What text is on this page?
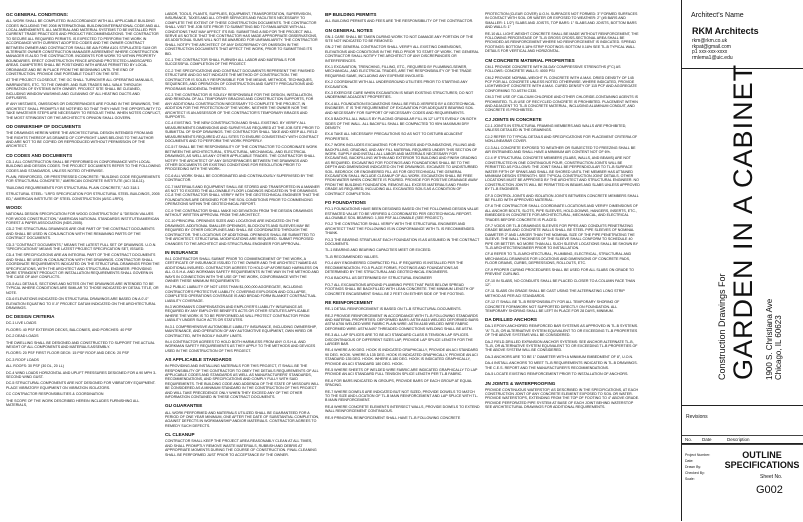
GC GENERAL CONDITIONS:
ALL WORK SHALL BE COMPLETED IN ACCORDANCE WITH ALL APPLICABLE BUILDING CODES INCLUDING THE 2008 INTERNATIONAL BUILDING/INTERNATIONAL CODE AND ALL LOCAL AMENDMENTS. ALL MATERIAL AND MATERIAL SYSTEMS TO BE INSTALLED PER CURRENT TRADE PRACTICES AND PRODUCT RECOMMENDATIONS. THE CONTRACTOR TO SECURE ALL REQUIRED PERMITS. IS EXPECTED TO PERFORM THE WORK IN ACCORDANCE WITH CURRENT ADOPTED CODES AND THE OWNER CONTRACT BETWEEN OWNER AND CONTRACTOR SHALL BE AIA FORM A101 STIPULATED SUM OR ALTERNATE OWNER CONSTRUCTION MANAGER AGREEMENT WHERE CONSTRUCTION MANAGER IS ALSO THE CONTRACTOR. INCIDENTS FOR WORK TO WITHIN PROPERTY BOUNDARIES. ERECT CONSTRUCTION FENCE AROUND PROTECTED LANDSCAPED AREAS. DUMPSTERS SHALL BE POSITIONED WITH AREAS PERMITTED BY LOCAL ORDINANCE AND BE IN PLACE FROM THE BEGINNING UNTIL THE END OF CONSTRUCTION. PROVIDE ONE PORTABLE TOILET ON THE SITE.
AT THE PROJECT CLOSEOUT, THE GC SHALL TURNOVER ALL OPERATING MANUALS, WARRANTIES, ETC. TO THE OWNER. AND SUB TRADES WILL WALK THROUGH OPERATION OF SYSTEMS WITH OWNER. PROJECT SITE SHALL BE CLEANED, INCLUDING WINDOW WASHING AND CLEANING OF ALL HEATING DUCTS AND DIFFUSERS.
IF ANY MISTAKES, OMISSIONS OR DISCREPANCIES ARE FOUND IN THE DRAWINGS, THE ARCHITECT SHALL PROMPTLY BE NOTIFIED SO THAT THEY HAVE THE OPPORTUNITY TO TAKE WHATEVER STEPS ARE NECESSARY TO RESOLVE THEM. WHEN NOTES CONFLICT, THE MOST STRINGENT OR THE ARCHITECT'S OPINION SHALL GOVERN.
OD OWNERSHIP OF DOCUMENTS
THE DRAWINGS HEREIN WERE THE ARCHITECTURAL DESIGN INTENDED FROM AND THE RIGHTS THEREOF AS DRAWED OF COPYRIGHT LAWS BELONG TO THE AUTHOR AND ARE NOT TO BE COPIED OR REPRODUCED WITHOUT PERMISSION OF THE ARCHITECT.
CD CODES AND DOCUMENTS
CD-1 ALL CONSTRUCTION SHALL BE PERFORMED IN CONFORMANCE WITH LOCAL BUILDING AND DESIGN CODES. THE PROJECT DOCUMENTS REFER TO THE FOLLOWING CODES AND STANDARDS, UNLESS NOTED OTHERWISE.
PLAIN, REINFORCED, OR PRESTRESSED CONCRETE: "BUILDING CODE REQUIREMENTS FOR STRUCTURAL CONCRETE," AMERICAN CONCRETE INSTITUTE (ACI 318-11).
"BUILDING REQUIREMENTS FOR STRUCTURAL PLAIN CONCRETE," ACI 318.1
STRUCTURAL STEEL: "LRFD SPECIFICATION FOR STRUCTURAL STEEL BUILDINGS, 2005 ED," AMERICAN INSTITUTE OF STEEL CONSTRUCTION (AISC-LRFD).
WOOD:
NATIONAL DESIGN SPECIFICATION FOR WOOD CONSTRUCTION" & "DESIGN VALUES FOR WOOD CONSTRUCTION," AMERICAN NATIONAL STANDARDS INSTITUTE/AMERICAN FOREST & PAPER ASSOCIATION (NDS-2005).
CD-2 THE STRUCTURAL DRAWINGS ARE ONE PART OF THE CONTRACT DOCUMENTS AND SHALL BE USED IN CONJUNCTION WITH THE REMAINING PARTS OF THE CONTRACT DOCUMENTS.
CD-3 "CONTRACT DOCUMENTS," MEANS THE LATEST FULL SET OF DRAWINGS. U.O.N. "SPECIFICATIONS" MEANS THE LATEST PROJECT SPECIFICATION SET, ISSUED.
CD-4 THE SPECIFICATIONS ARE AN INTEGRAL PART OF THE CONTRACT DOCUMENTS AND SHALL BE USED IN CONJUNCTION WITH THE DRAWINGS. CONTRACTOR SHALL COORDINATE REQUIREMENTS INDICATED ON THE STRUCTURAL DRAWINGS FROM THE SPECIFICATIONS, WITH THE ARCHITECT AND STRUCTURAL ENGINEER. PROVIDING MORE STRINGENT PRODUCT OR INSTALLATION REQUIREMENTS SHALL GOVERN IN THE CASE OF ANY CONFLICTS.
CD-5 ALL DETAILS, SECTIONS AND NOTES ON THE DRAWINGS ARE INTENDED TO BE TYPICAL WHERE CONDITIONS ARE SIMILAR TO THOSE INDICATED BY DETAIL TITLE, OR NOTE.
CD-6 ELEVATIONS INDICATED ON STRUCTURAL DRAWINGS ARE BASED ON A 0'-0" ELEVATION EQUATING TO 0'-0" PROJECT DATUM INDICATED ON THE ARCHITECTURAL DRAWINGS.
DC DESIGN CRITERIA
DC-1 LIVE LOADS
FLOORS: 40 PSF EXTERIOR DECKS, BALCONIES, AND PORCHES: 40 PSF
DC-2 DEAD LOADS
THE DWELLING SHALL BE DESIGNED AND CONSTRUCTED TO SUPPORT THE ACTUAL WEIGHT OF ALL COMPONENTS AND MATERIALS ASSEMBLY.
FLOORS: 20 PSF FIRST FLOOR DECK: 15 PSF ROOF AND DECK: 20 PSF
DC-3 ROOF LOADS
ALL ROOFS: 30 PSF (30 DL, 20 LL)
DC-4 WIND LOADS HORIZONTAL AND UPLIFT PRESSURES DESIGNED FOR A 90 MPH 3-SECOND WIND GUST.
DC-5 STRUCTURAL COMPONENTS ARE NOT DESIGNED FOR VIBRATORY EQUIPMENT. PLACE VIBRATORY EQUIPMENT ON VIBRATION ISOLATORS.
CC CONTRACTOR RESPONSIBILITIES & COORDINATION
THE SCOPE OF THE WORK DESCRIBED HEREIN INCLUDES FURNISHING ALL MATERIALS,
LABOR, TOOLS, PLANTS, SUPPLIES, EQUIPMENT, TRANSPORTATION, SUPERVISION, INSURANCE, TAXES AND ALL OTHER SERVICES AND FACILITIES NECESSARY TO COMPLETE THE EXTENT OF THESE CONSTRUCTION DOCUMENTS. THE CONTRACTOR SHALL VISIT THE JOB SITE PRIOR TO SUBMITTING BID TO FAMILIARIZE WITH ALL CONDITIONS THAT MAY AFFECT ITS BID. SUBMITTING A BID FOR THE PROJECT WILL SERVE AS NOTICE THAT THE CONTRACTOR HAS MADE APPROPRIATE OBSERVATIONS, AS ADDITIONAL SUMS WILL NOT BE AWARDED FOR UNFAMILIARITY. THE CONTRACTOR SHALL NOTIFY THE ARCHITECT OF ANY DISCREPANCY OR OMISSION IN THE CONSTRUCTION DOCUMENTS THAT AFFECT THE WORK, PRIOR TO SUBMITTING ITS BID.
CC-1 THE CONTRACTOR SHALL FURNISH ALL LABOR AND MATERIALS FOR SUCCESSFUL COMPLETION OF THE PROJECT.
CC-2 THE SPECIFICATIONS AND CONTRACT DOCUMENTS REPRESENT THE FINISHED STRUCTURE AND DO NOT INDICATE THE METHOD OF CONSTRUCTION. THE CONTRACTOR IS SOLELY RESPONSIBLE FOR THE MEANS, METHODS, TECHNIQUES, SEQUENCES, AND OPERATION OF CONSTRUCTION AND SAFETY PRECAUTIONS AND PROGRAMS INCIDENTAL THERETO.
CC-3 THE CONTRACTOR IS SOLELY RESPONSIBLE FOR THE DESIGN, INSTALLATION, AND REMOVAL OF ALL TEMPORARY BRACING AND CONSTRUCTION SUPPORTS, FOR ANY ADDITIONAL CONSTRUCTION NECESSARY TO COMPLETE THE PROJECT, IN ADDITION FOR THE PROTECTION OF THE WORK. NEITHER THE OWNER NOR THE ARCHITECT IS AN ASSESSOR OF THE CONTRACTOR'S TEMPORARY BRACES AND SUPPORTS.
CC-4 EXISTING. THE NEW CONSTRUCTION AND SHALL EXISTING. BY VERIFY ALL MEASUREMENTS DIMENSIONS AND SURVEYS AS REQUIRED AT THE JOB SITE PRIOR TO SUBMITTAL OF SHOP DRAWINGS. THE CONTRACTOR SHALL TAKE AND KEEP ALL FIELD MEASUREMENTS REQUIRED AT ALL SITES TO ENSURE CONSISTENCY WITH CONTRACT DOCUMENTS AND TO PERFORM THE WORK PROPERLY.
CC-5 IT SHALL BE THE RESPONSIBILITY OF THE CONTRACTOR TO COORDINATE WORK BETWEEN THE ARCHITECTURAL, STRUCTURAL, MECHANICAL, AND ELECTRICAL DRAWINGS, AS WELL AS ANY OTHER APPLICABLE TRADES. THE CONTRACTOR SHALL NOTIFY THE ARCHITECT OF ANY DISCREPANCIES BETWEEN THE DRAWINGS AND OTHER DOCUMENTS OR EXISTING CONDITIONS FOR RESOLUTION PRIOR TO PROCEEDING WITH THE WORK.
CC-6 ALL WORK SHALL BE COORDINATED AND CONTINUOUSLY SUPERVISED BY THE CONTRACTOR.
CC-7 MATERIALS AND EQUIPMENT SHALL BE STORED AND TRANSPORTED IN A MANNER AS NOT TO EXCEED THE ALLOWABLE FLOOR LOADINGS INDICATED IN THE DRAWINGS. CC-8 THE CONTRACTOR SHALL VERIFY WITH THE GEOTECHNICAL ENGINEER THAT THE FOUNDATIONS ARE DESIGNED FOR THE SOIL CONDITIONS PRIOR TO COMMENCING OPERATIONS WITHIN THE GEOTECHNICAL REPORT.
CC-9 THE CONTRACTOR SHALL MAKE NO DEVIATION FROM THE DESIGN DRAWINGS WITHOUT WRITTEN APPROVAL FROM THE ARCHITECT.
CC-10 PRINCIPAL OPENINGS SIZES AND LOCATIONS ARE INDICATED ON THE DRAWINGS. ADDITIONAL SMALLER OPENINGS, BLOCKOUTS AND SLEEVES MAY BE REQUIRED BY OTHER DISCIPLINES AND SHALL BE COORDINATED THROUGH THE CONTRACTOR. THE LOCATIONS OF ADDITIONAL OPENINGS SHALL BE SUBMITTED TO THE ARCHITECT. STRUCTURAL MODIFICATIONS ARE REQUIRED. SUBMIT PROPOSED CHANGES TO THE ARCHITECT AND STRUCTURAL ENGINEER FOR APPROVAL.
IN INSURANCE
IN-1 CONTRACTOR SHALL SUBMIT PRIOR TO COMMENCEMENT OF THE WORK, A CERTIFICATE OF INSURANCE ISSUED TO THE OWNER AND THE ARCHITECT NAMED AS ADDITIONAL INSURED. CONTRACTOR AGREES TO HOLD UP AFORESAID HARMLESS ON ALL O.S.H.A. AND WORKMAN SAFETY REQUIREMENTS IN THE WAY IN THE METHOD AND WAYS IN CONNECTION WITH THE USE OF THE WORK, CONFORMANCE WITH THE OWNER THESE MINIMUM REQUIREMENTS:
IN-2 PUBLIC LIABILITY OF NOT LESS THAN $1,000,000 AGGREGATE, INCLUDING CONTRACTOR'S PROTECTIVE LIABILITY, COVERING EXPLOSION AND COLLAPSE, COMPLETED OPERATIONS COVERAGE IS AND BROAD FORM BLANKET CONTRACTUAL LIABILITY COVERAGE.
IN-3 WORKMAN'S COMPENSATION AND EMPLOYER'S LIABILITY INSURANCE AS REQUIRED BY ANY EMPLOYEE BENEFITS ACTS OR OTHER STATUTES APPLICABLE WHERE THE WORK IS TO BE PERFORMED AS WILL PROTECT CONTRACTOR FROM LIABILITY UNDER SUCH ACTS OR STATUTES.
IN-3.1 COMPREHENSIVE AUTOMOBILE LIABILITY INSURANCE, INCLUDING OWNERSHIP, MAINTENANCE, AND OPERATION OF ANY AUTOMOTIVE EQUIPMENT, OWN HIRED OR CONTRACTED, WITH BODILY INJURY LIMITS.
IN-4 CONTRACTOR AGREES TO HOLD BOTH HARMLESS FROM ANY O.S.H.A. AND WORKMAN SAFETY REQUIREMENTS AS THEY APPLY TO THE METHODS AND DEVICES USED IN THE CONSTRUCTION OF THIS PROJECT.
AS APPLICABLE STANDARDS
IN PROVIDING AND INSTALLING MATERIALS FOR THIS PROJECT, IT SHALL BE THE RESPONSIBILITY OF THE CONTRACTOR TO OBEY THE DETAILS REQUIREMENTS OF ALL APPLICABLE CODES AND STANDARDS AS WELL AS MANUFACTURERS' STANDARDS, RECOMMENDATIONS, AND SPECIFICATIONS AND COMPLY FULLY WITH SAID REQUIREMENTS. THE BUILDING CODE AND ADDENDA OF THE STATE OF MISSOURI WILL BE CONSIDERED AS A MINIMUM STANDARD IN THE CONSTRUCTION OF THIS PROJECT AND WILL TAKE PRECEDENCE ONLY WHEN THEY EXCEED ANY OF THE OTHER INFORMATION CONTAINED IN THESE CONTRACT DOCUMENTS.
GU GUARANTEE
ALL WORK PERFORMED AND MATERIALS UTILIZED SHALL BE GUARANTEED FOR A PERIOD OF ONE YEAR MINIMUM, ONE AFTER THE DATE OF SUBSTANTIAL COMPLETION, AGAINST DEFECTS IN WORKMANSHIP AND/OR MATERIALS. CONTRACTOR AGREES TO REMEDY SUCH DEFECTS.
CL CLEANUP
CONTRACTOR SHALL KEEP THE PROJECT AREA REASONABLY CLEAN AT ALL TIMES, AND SHALL PROMPTLY REMOVE WASTE MATERIALS, RUBBISH AND DEBRIS AT APPROPRIATE MOMENTS DURING THE COURSE OF CONSTRUCTION. FINAL CLEANING SHALL BE PERFORMED JUST PRIOR TO ACCEPTANCE BY THE OWNER.
BP BUILDING PERMITS
ALL BUILDING PERMITS AND FEES ARE THE RESPONSIBILITY OF THE CONTRACTOR.
GN GENERAL NOTES
GN-1 CARE SHALL BE TAKEN DURING WORK TO NOT DAMAGE ANY PORTION OF THE SITE NOT INDICATED TO BE REMOVED.
GN-2 THE GENERAL CONTRACTOR SHALL VERIFY ALL EXISTING DIMENSIONS, ELEVATIONS AND CONDITIONS IN THE FIELD PRIOR TO START OF WORK. THE GENERAL CONTRACTOR SHALL NOTIFY THE ARCHITECT OF ANY DISCREPANCIES OR INTERFERENCES.
EX-1 EXCAVATION, TRENCHING, FILLING, ETC., REQUIRED BY PLUMBING-SEWER, MECHANICAL, AND ELECTRICAL TRADES, ARE THE RESPONSIBILITY OF THE TRADE REQUIRING SAME, INCLUDING ANY EXPENSE INVOLVED.
EX-2 COORDINATE WITH ALL UNDERGROUND UTILITIES PRIOR TO STARTING ANY EXCAVATION.
EX-3 EXERCISE CARE WHEN EXCAVATION IS NEAR EXISTING STRUCTURES; DO NOT UNDERMINE ADJACENT PROPERTIES.
EX-4 ALL FOUNDATION EXCAVATIONS SHALL BE FIELD-VERIFIED BY A GEOTECHNICAL ENGINEER. IT IS THE REQUIREMENT OF EXCAVATION FOR ADEQUATE BEARING SOIL AND NECESSARY FOR SUPPORT OF NECESSARY CODES AND REQUIREMENTS.
EX-5 BACKFILL ALL WALLS BY PLACING GRANULAR FILL IN 12" LIFTS EVENLY ON BOTH SIDES OF THE WALL. ALL BACKFILL SHALL BE COMPACTED TO 95% MAXIMUM DRY DENSITY.
EX-6 TAKE ALL NECESSARY PRECAUTIONS SO AS NOT TO DISTURB ADJACENT PROPERTIES.
EX-7 WORK INCLUDES EXCAVATING FOR FOOTINGS AND FOUNDATIONS, FILLING AND BACKFILLING, GRADING, AND ANY FILL MATERIAL REQUIRED UNDER THIS SECTION OF WORK. SUPPLY AND INSTALL ALL LABOR AND MATERIALS NECESSARY FOR EXCAVATING, BACKFILLING WITHIN AND EXTERIOR TO BUILDING AND FINISH GRADING AS REQUIRED. EXCAVATING FOR FOOTINGS AND FOUNDATIONS SHALL BE TO THE DEPTH AND DIMENSIONS INDICATED ON THE DRAWINGS. EXCAVATE TO UNDISTURBED SOIL. BEDROCK OR ENGINEERED FILL AS FOR GEOTECHNICAL THE GENERAL EXCAVATION SHALL INCLUDE CLEANUP OF ALL WORK. EXCAVATION SHALL BE FREE FROM WATER WHEN CONCRETE IS POURED. PROVIDE FOR POSITIVE DRAINAGE AWAY FROM THE BUILDING FOUNDATION. REMOVE ALL EXCESS MATERIALS AND FINISH GRADE AS REQUIRED, INCLUDING ALL EXCAVATED SOILS AS A CONDITION OF CONTRACT COMPLETION.
FO FOUNDATIONS
FO-1 FOUNDATIONS HAVE BEEN DESIGNED BASED ON THE FOLLOWING DESIGN VALUE ESTIMATED VALUE TO BE VERIFIED & COORDINATED PER GEOTECHNICAL REPORT. ALLOWABLE SOIL BEARING: 1,500 PSF ALLOWABLE (SEE PROJECT).
FO-2 THE CONTRACTOR SHALL VERIFY WITH THE STRUCTURAL ENGINEER AND ARCHITECT THAT THE FOLLOWING IS IN CONFORMANCE WITH TL IS RECOMMENDED. THANK.
FO-3 THE BEARING STRATUM AT EACH FOUNDATION IS AS ASSUMED IN THE CONTRACT DOCUMENTS.
TL-1 BEARING AND BEARING CAPACITIES MEET OR EXCEED.
TL-B RECOMMENDED VALUES.
FO-4 ANY ENGINEERED COMPACTED FILL IF REQUIRED IS INSTALLED PER THE RECOMMENDATION. FO-5 PLACE FORMS, FOOTINGS AND FOUNDATIONS AS DETERMINED BY THE STRUCTURAL AND GEOTECHNICAL ENGINEERS.
FO-6 BACKFILL AS DETERMINED BY STRUCTURAL ENGINEER
FO-7 ALL EXCAVATIONS AROUND PLUMBING PIPES THAT PASS BELOW SPREAD FOOTINGS SHALL BE BACKFILLED WITH LEAN CONCRETE. THE MINIMUM LENGTH OF CONCRETE ENCASEMENT SHALL BE 2 FEET ON EITHER SIDE OF THE FOOTING.
RE REINFORCEMENT
RE-1 DETAIL REINFORCEMENT IS BASED ON TL-B STRUCTURAL DOCUMENTS.
RE-2 PROVIDE REINFORCEMENT IN ACCORDANCE WITH TL-B FOLLOWING STANDARDS AND MATERIAL PROPERTIES: DEFORMED BARS: ASTM A615 WELDED DEFORMED BARS: ASTM A706 WELDED WIRE FABRIC PLAIN WIRE: ASTM A185 WELDED WIRE FABRIC DEFORMED WIRE: ASTM A497 THREADED CONNECTIONS WELDING SHALL BE ASTM.
RE-3 ALL LAP SPLICES ARE TO BE ACI STANDARD CLASS B TENSION LAP SPLICES. DISCONTINUOUS OF DIFFERENT SIZES LAP, PROVIDE LAP SPLICE LENGTH FOR THE LARGER BAR.
RE-4 WHERE A 90 DEG. HOOK IS INDICATED GRAPHICALLY, PROVIDE AN ACI STANDARD 90 DEG. HOOK. WHERE A 135 DEG. HOOK IS INDICATED GRAPHICALLY, PROVIDE AN ACI STANDARD 135 DEG. HOOK. WHERE A 180 DEG. HOOK IS INDICATED GRAPHICALLY, PROVIDE AN ACI STANDARD 180 DEG. HOOK.
RE-5 WHERE SHEETS OF WELDED WIRE FABRIC ARE INDICATED GRAPHICALLY TO LAP PROVIDE AN ACI STANDARD FULL TENSION SPLICE LENGTH PER TL-B FABRIC.
RE-6 FOR BARS INDICATED IN GROUPS, PROVIDE BARS OF EACH GROUP AT EQUAL SPACING.
RE-7 WHERE DOWELS ARE INDICATED BUT NOT SIZED, PROVIDE DOWELS TO MATCH TO THE SIZE AND LOCATION OF TL-B MAIN REINFORCEMENT AND LAP SPLICE WITH TL-B MAIN REINFORCEMENT.
RE-8 WHERE CONCRETE ELEMENTS INTERSECT WALLS, PROVIDE DOWELS TO EXTEND WALL REINFORCEMENT CONTINUOUS.
RE-9 PRINCIPAL REINFORCEMENT SHALL HAVE TL-B FOLLOWING CONCRETE
PROTECTION (CLEAR COVER) U.O.N. SURFACES NOT FORMED: 3" FORMED SURFACES IN CONTACT WITH SOIL OR WATER OR EXPOSED TO WEATHER: 2" (#5 BARS AND SMALLER: 1 1/2") SLABS AND JOISTS, TOP BARS: 1" SLABS AND JOISTS, BOTTOM BARS AND WALLS: 1"
RE-10 ALL LIGHT-WEIGHT CONCRETE SHALL BE MADE WITHOUT REINFORCEMENT, THE FOLLOWING PERCENTAGE OF TL-B GROSS CROSS-SECTIONAL AREA SHALL BE PROVIDED AS REINFORCEMENT WHERE NO REINFORCEMENT IS INDICATED. SPREAD FOOTINGS: BOTTOM 0.18% STRIP FOOTINGS: BOTTOM 0.18% SEE TL-B TYPICAL WALL DETAILS FOR VERTICAL AND HORIZONTAL.
CM CONCRETE MATERIAL PROPERTIES
CM-1 PROVIDE CONCRETE WITH 28-DAY COMPRESSIVE STRENGTHS (F'C) AS FOLLOWS: CONCRETE WALLS: 4000 PSI
CM-2 PROVIDE NORMAL-WEIGHT FL CONCRETE WITH A MAX. DRIED DENSITY OF 145 PCF FOR ALL CONCRETE UNLESS NOTED OTHERWISE. WHERE INDICATED, PROVIDE LIGHTWEIGHT CONCRETE WITH A MAX. CURED DENSITY OF 115 PCF AND AGGREGATE CONFORMING TO ASTM C330.
CM-3 THE USE OF CALCIUM CHLORIDE AND OTHER CHLORIDE-CONTAINING AGENTS IS PROHIBITED. TL-B USE OF RECYCLED CONCRETE IS PROHIBITED. PLACEMENT WITHIN AND ADJACENT TO TL-B CONCRETE MATERIAL, INCLUDING ALUMINUM CONDUIT, AND CONCRETE IS PROHIBITED.
CJ JOINTS IN CONCRETE
CJ-1 JOINTS IN STRUCTURAL FRAMING MEMBERS AND WALLS ARE PROHIBITED, UNLESS DETAILED IN THE DRAWINGS.
CJ-2 REFER TO TYPICAL DETAILS AND SPECIFICATIONS FOR PLACEMENT CRITERIA OF NON-LINEARAR COVER.
CJ-3 ALL CONCRETE EXPOSED TO WEATHER OR SUBJECTED TO FREEZING SHALL BE AIR ENTRAINED AND SHALL HAVE A MINIMUM AIR CONTENT NOT OF 6%.
CJ-4 IF STRUCTURAL CONCRETE MEMBERS (SLABS, WALLS, AND BEAMS) ARE NOT CONSTRUCTED IN ONE CONTINUOUS POUR, CONSTRUCTION JOINTS WILL BE PERMITTED AS FOLLOWS: THE JOINT SHALL BE PERPENDICULAR TO TL-B SURFACE WATER FIFTH OF SPANS AND SHALL BE SHORED UNTIL THE MEMBER HAS ATTAINED MINIMUM DESIGN STRENGTH. SEE TYPICAL CONSTRUCTION JOINT DETAILS. OTHER LOCATIONS MUST BE APPROVED BY THE ARCHITECT AND STRUCTURAL ENGINEER. NO CONSTRUCTION JOINTS WILL BE PERMITTED IN BEAMS AND SLABS UNLESS APPROVED BY TL-B ENGINEER.
CF-5 CONTROL JOINTS AND ISOLATION JOINTS BETWEEN CONCRETE MEMBERS SHALL BE FILLED WITH APPROVED MATERIAL.
CF-6 THE CONTRACTOR SHALL COORDINATE LOCATIONS AND VERIFY DIMENSIONS OF ALL ANCHOR BOLTS, SLOTS, PIPE SLEEVES, HOLD-DOWNS, HANGERS, INSERTS, ETC., EMBEDDED IN CONCRETE FOR ARCHITECTURAL, MECHANICAL, AND ELECTRICAL TRADES BEFORE CONCRETE IS PLACED.
CF-7 VOIDS OR TL-B DRAWINGS SLEEVES FOR PIPES AND CONDUITS PENETRATING GRADE BEAMS AND CONCRETE WALLS SHALL BE STEEL PIPE SLEEVES OF NOMINAL DIAMETER 2" AND LARGER THAN THE NOMINAL SIZE OF THE PIPE PENETRATING THE SLEEVE. THE WALL THICKNESS OF THE SLEEVE SHALL CONFORM TO SCHEDULE 40 PIPE OR BETTER. NO MORE THAN ALL SUCH SLEEVE LOCATIONS SHALL BE SHOWN BY TL-B ARCHITECT/ENGINEER PRIOR TO INSTALLATION.
CF-8 REFER TO TL-B ARCHITECTURAL, PLUMBING, ELECTRICAL, STRUCTURAL AND MECHANICAL DRAWINGS FOR LOCATIONS AND DIMENSIONS OF CONCRETE PADS, FLOOR DRAINS, CURBS, DEPRESSIONS, ROLLOUTS, ETC.
CF-9 PROPER CURING PROCEDURES SHALL BE USED FOR ALL SLABS ON GRADE TO PREVENT CURLING.
CF-10 IN SLABS, NO CONDUITS SHALL BE PLACED CLOSER TO A COLUMN FACE THAN 12".
CF-11 SLABS ON GRADE SHALL BE CAST USING THE ALTERNATING LONG STRIP METHOD AS PER ACI STANDARDS.
CF-12 IT SHALL BE TL-B RESPONSIBILITY FOR ALL TEMPORARY SHORING OF CONCRETE FORMWORK NOT SUPPORTED DIRECTLY ON FOUNDATION. ALL TEMPORARY SHORING SHALL BE LEFT IN PLACE FOR 28 DAYS, MINIMUM.
DA DRILLED ANCHORS
DA-1 EPOXY-ANCHORED REINFORCED BAR SYSTEMS AS APPROVED IN TL-B SYSTEMS. "A" TL-B, OR ALTERNATIVE SYSTEM EQUIVALENT TO OR EXCEEDING TL-B PROPERTIES OF THE ABOVE SYSTEMS WILL BE CONSIDERED.
DA-2 FIELD-DRILLED EXPANSION ANCHOR SYSTEMS: SEE ANCHOR ALTERNATE TL-B, TL-B, OR ALTERNATIVE SYSTEM EQUIVALENT TO OR EXCEEDING TL-B PROPERTIES OF THE ABOVE SYSTEM WILL BE CONSIDERED.
DA-3 ANCHORS ARE TO BE 1" DIAMETER WITH A MINIMUM EMBEDMENT OF 8", U.O.N.
DA-4 INSTALL ANCHORS TO MEET TL-B REQUIREMENTS INDICATED IN TL-B DRAWINGS. THE C.E.S. REPORT AND THE MANUFACTURER'S RECOMMENDATIONS.
DA-5 LOCATE EXISTING REINFORCEMENT PRIOR TO INSTALLATION OF ANCHORS.
JN JOINTS & WATERPROOFING
PROVIDE CONTINUOUS WATERSTOP, AS DESCRIBED IN THE SPECIFICATIONS, AT EACH CONSTRUCTION JOINT OF ANY CONCRETE ELEMENT EXPOSED TO SOIL OR WATER. PROVIDE WATERSTOPS, EXTENDING FROM THE TOP OF FOOTING TO 4" ABOVE GRADE. PROVIDE PERFORATED PIPE SYSTEM AT BASE OF EACH JOINT BEHIND WATERSTOP SEE ARCHITECTURAL DRAWINGS FOR ADDITIONAL REQUIREMENTS.
Architect's Name
RKM Architects
rkm@rkm.co.uk
rkpat@gmail.com
p1 xxx-xxx-xxxx
rmlema1@uic.edu
Construction Drawings For GARDEN IN A CABINET 1900 S. Christiana Ave Chicago, IL 60623
Revisions
No. Date	Description
Project Number:
Date:
Drawn By:
Checked By:
Scale:
OUTLINE
SPECIFICATIONS
Sheet No.
G002
